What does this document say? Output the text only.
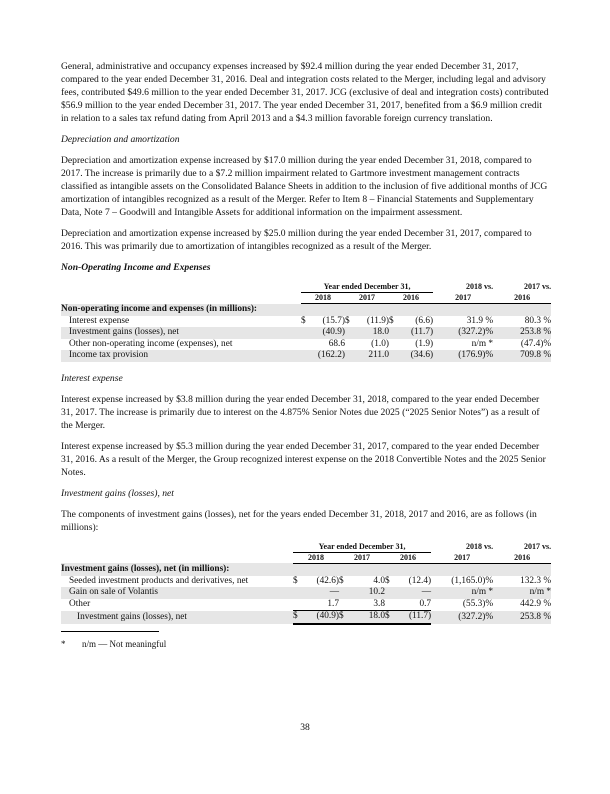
General, administrative and occupancy expenses increased by $92.4 million during the year ended December 31, 2017, compared to the year ended December 31, 2016. Deal and integration costs related to the Merger, including legal and advisory fees, contributed $49.6 million to the year ended December 31, 2017. JCG (exclusive of deal and integration costs) contributed $56.9 million to the year ended December 31, 2017. The year ended December 31, 2017, benefited from a $6.9 million credit in relation to a sales tax refund dating from April 2013 and a $4.3 million favorable foreign currency translation.

Depreciation and amortization

Depreciation and amortization expense increased by $17.0 million during the year ended December 31, 2018, compared to 2017. The increase is primarily due to a $7.2 million impairment related to Gartmore investment management contracts classified as intangible assets on the Consolidated Balance Sheets in addition to the inclusion of five additional months of JCG amortization of intangibles recognized as a result of the Merger. Refer to Item 8 – Financial Statements and Supplementary Data, Note 7 – Goodwill and Intangible Assets for additional information on the impairment assessment.

Depreciation and amortization expense increased by $25.0 million during the year ended December 31, 2017, compared to 2016. This was primarily due to amortization of intangibles recognized as a result of the Merger.

Non-Operating Income and Expenses

	Year ended December 31,						2018 vs.	2017 vs.
	2018		2017		2016		2017	2016
Non-operating income and expenses (in millions):								
Interest expense	$	(15.7)	$	(11.9)	$	(6.6)	31.9 %	80.3 %
Investment gains (losses), net		(40.9)		18.0		(11.7)	(327.2)%	253.8 %
Other non-operating income (expenses), net		68.6		(1.0)		(1.9)	n/m *	(47.4)%
Income tax provision		(162.2)		211.0		(34.6)	(176.9)%	709.8 %

Interest expense

Interest expense increased by $3.8 million during the year ended December 31, 2018, compared to the year ended December 31, 2017. The increase is primarily due to interest on the 4.875% Senior Notes due 2025 (“2025 Senior Notes”) as a result of the Merger.

Interest expense increased by $5.3 million during the year ended December 31, 2017, compared to the year ended December 31, 2016. As a result of the Merger, the Group recognized interest expense on the 2018 Convertible Notes and the 2025 Senior Notes.

Investment gains (losses), net

The components of investment gains (losses), net for the years ended December 31, 2018, 2017 and 2016, are as follows (in millions):

	Year ended December 31,						2018 vs.	2017 vs.
	2018		2017		2016		2017	2016
Investment gains (losses), net (in millions):								
Seeded investment products and derivatives, net	$	(42.6)	$	4.0	$	(12.4)	(1,165.0)%	132.3 %
Gain on sale of Volantis		—		10.2		—	n/m *	n/m *
Other		1.7		3.8		0.7	(55.3)%	442.9 %
Investment gains (losses), net	$	(40.9)	$	18.0	$	(11.7)	(327.2)%	253.8 %

* n/m — Not meaningful

38
